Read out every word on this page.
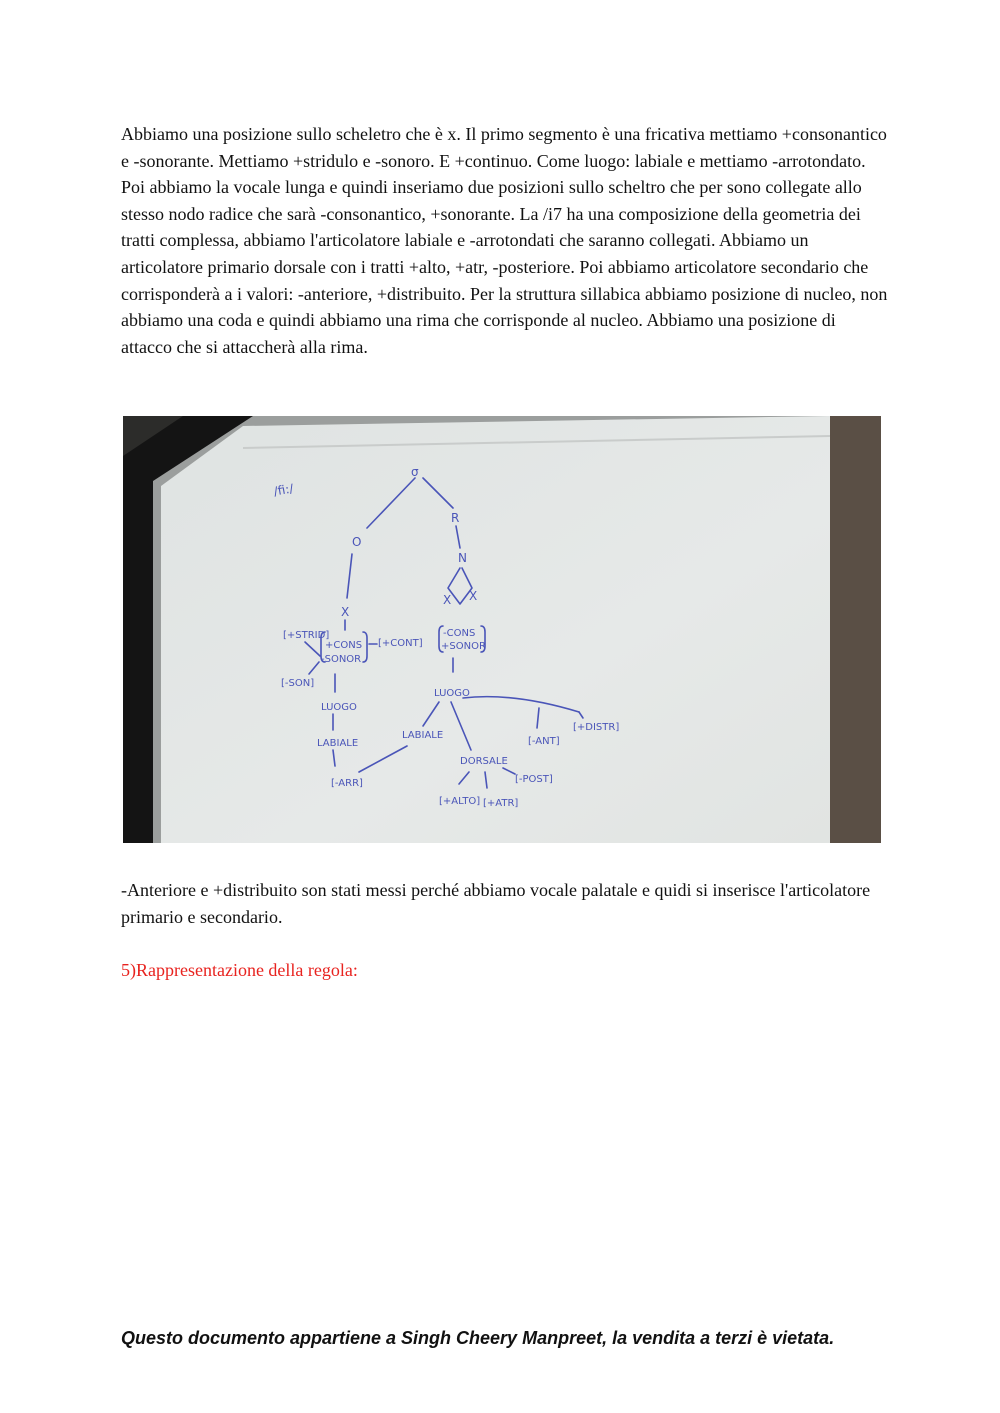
Abbiamo una posizione sullo scheletro che è x. Il primo segmento è una fricativa mettiamo +consonantico e -sonorante. Mettiamo +stridulo e -sonoro. E +continuo. Come luogo: labiale e mettiamo -arrotondato. Poi abbiamo la vocale lunga e quindi inseriamo due posizioni sullo scheltro che per sono collegate allo stesso nodo radice che sarà -consonantico, +sonorante. La /i7 ha una composizione della geometria dei tratti complessa, abbiamo l'articolatore labiale e -arrotondati che saranno collegati. Abbiamo un articolatore primario dorsale con i tratti +alto, +atr, -posteriore. Poi abbiamo articolatore secondario che corrisponderà a i valori: -anteriore, +distribuito. Per la struttura sillabica abbiamo posizione di nucleo, non abbiamo una coda e quindi abbiamo una rima che corrisponde al nucleo. Abbiamo una posizione di attacco che si attaccherà alla rima.

/fi:/
σ
O
R
N
X
X X
[+STRID]
+CONS
-SONOR
[+CONT]
[-SON]
LUOGO
LABIALE
[-ARR]
-CONS
+SONOR
LUOGO
LABIALE
[-ANT]
[+DISTR]
DORSALE
[-POST]
[+ALTO] [+ATR]

-Anteriore e +distribuito son stati messi perché abbiamo vocale palatale e quidi si inserisce l'articolatore primario e secondario.

5)Rappresentazione della regola:

Questo documento appartiene a Singh Cheery Manpreet, la vendita a terzi è vietata.
